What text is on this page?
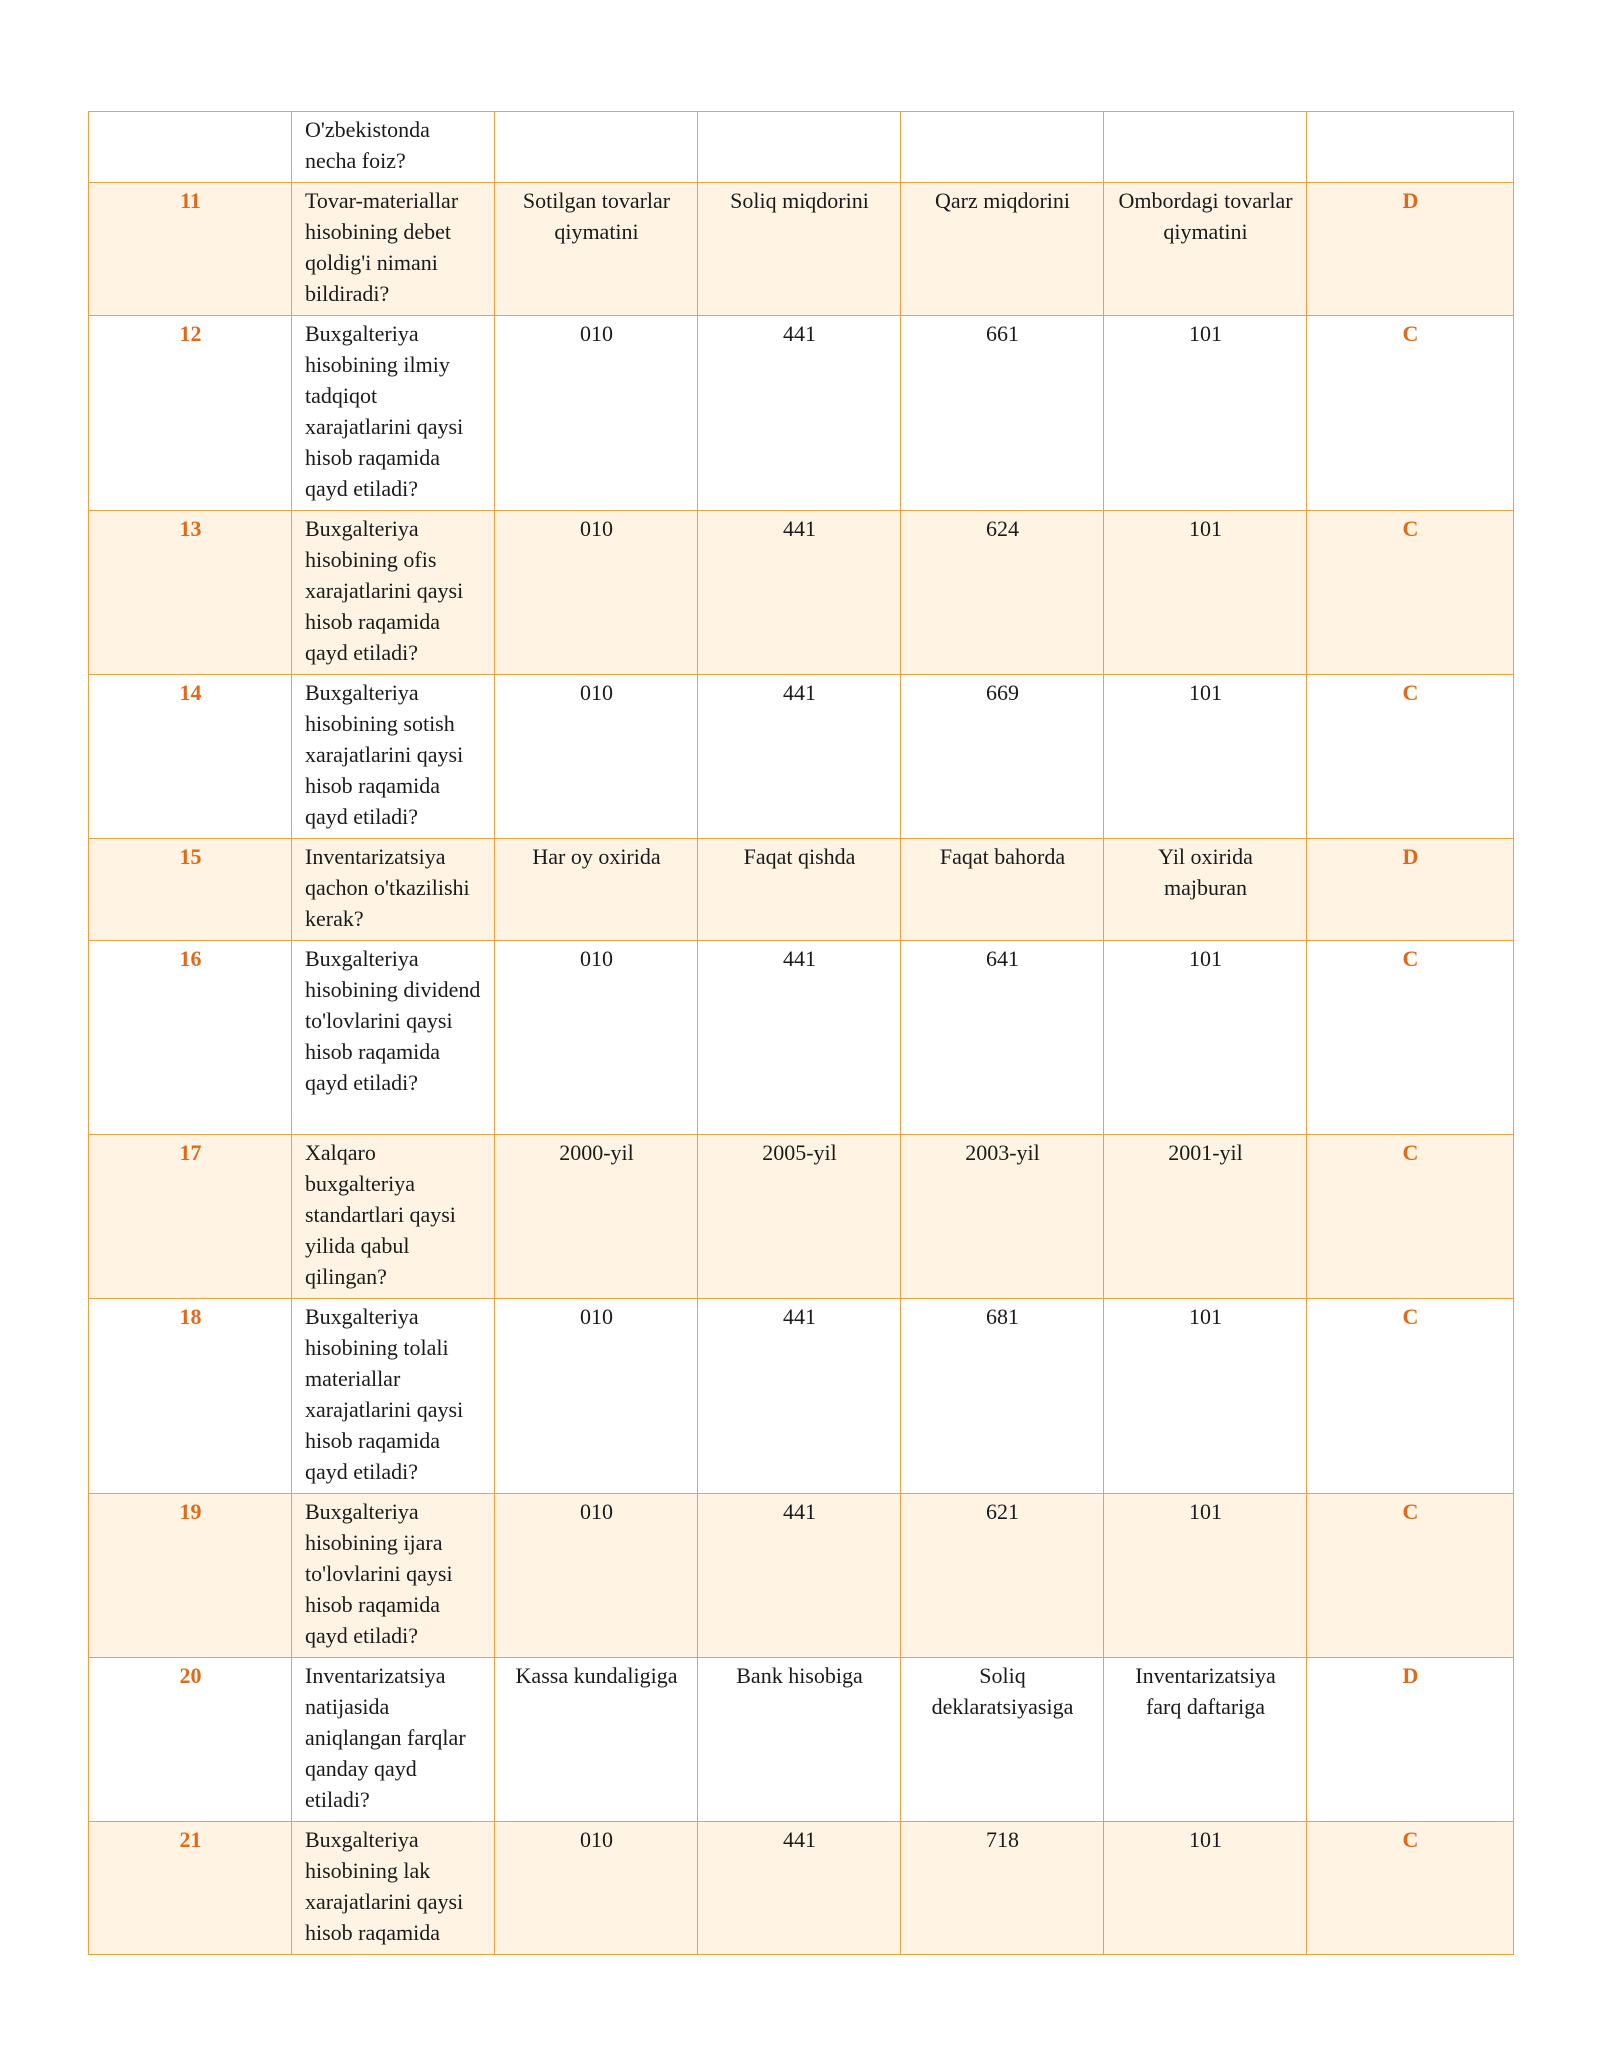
	O'zbekistonda necha foiz?					
11	Tovar-materiallar hisobining debet qoldig'i nimani bildiradi?	Sotilgan tovarlar qiymatini	Soliq miqdorini	Qarz miqdorini	Ombordagi tovarlar qiymatini	D
12	Buxgalteriya hisobining ilmiy tadqiqot xarajatlarini qaysi hisob raqamida qayd etiladi?	010	441	661	101	C
13	Buxgalteriya hisobining ofis xarajatlarini qaysi hisob raqamida qayd etiladi?	010	441	624	101	C
14	Buxgalteriya hisobining sotish xarajatlarini qaysi hisob raqamida qayd etiladi?	010	441	669	101	C
15	Inventarizatsiya qachon o'tkazilishi kerak?	Har oy oxirida	Faqat qishda	Faqat bahorda	Yil oxirida majburan	D
16	Buxgalteriya hisobining dividend to'lovlarini qaysi hisob raqamida qayd etiladi?	010	441	641	101	C
17	Xalqaro buxgalteriya standartlari qaysi yilida qabul qilingan?	2000-yil	2005-yil	2003-yil	2001-yil	C
18	Buxgalteriya hisobining tolali materiallar xarajatlarini qaysi hisob raqamida qayd etiladi?	010	441	681	101	C
19	Buxgalteriya hisobining ijara to'lovlarini qaysi hisob raqamida qayd etiladi?	010	441	621	101	C
20	Inventarizatsiya natijasida aniqlangan farqlar qanday qayd etiladi?	Kassa kundaligiga	Bank hisobiga	Soliq deklaratsiyasiga	Inventarizatsiya farq daftariga	D
21	Buxgalteriya hisobining lak xarajatlarini qaysi hisob raqamida	010	441	718	101	C
